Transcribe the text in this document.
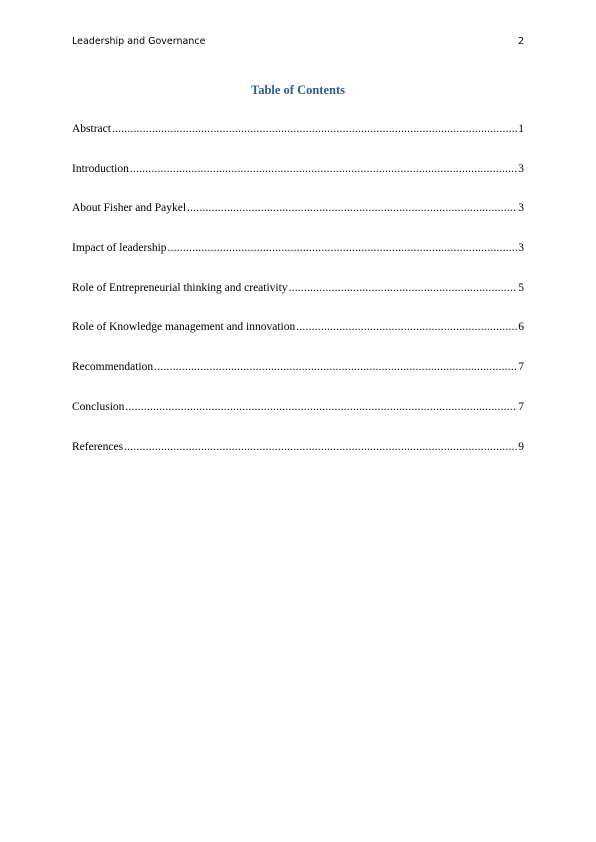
Leadership and Governance	2
Table of Contents
Abstract .....	1
Introduction .....	3
About Fisher and Paykel .....	3
Impact of leadership .....	3
Role of Entrepreneurial thinking and creativity .....	5
Role of Knowledge management and innovation .....	6
Recommendation .....	7
Conclusion .....	7
References .....	9
